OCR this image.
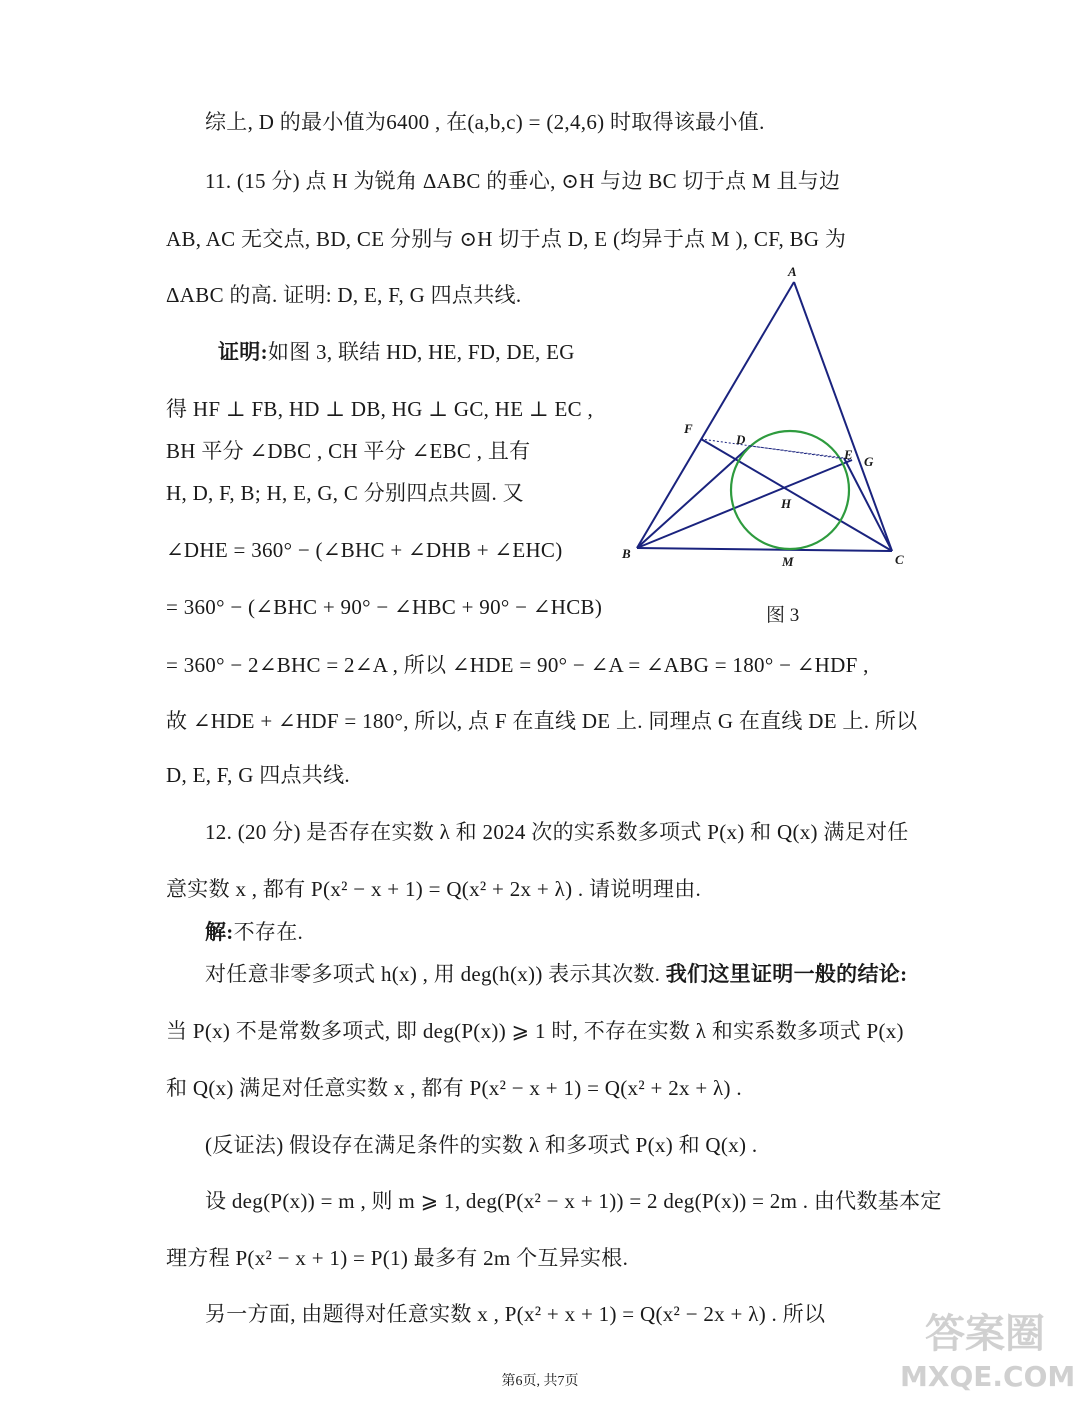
综上, D 的最小值为6400 , 在(a,b,c) = (2,4,6) 时取得该最小值.
11. (15 分) 点 H 为锐角 ΔABC 的垂心, ⊙H 与边 BC 切于点 M 且与边
AB, AC 无交点, BD, CE 分别与 ⊙H 切于点 D, E (均异于点 M ), CF, BG 为
ΔABC 的高. 证明: D, E, F, G 四点共线.
证明:如图 3, 联结 HD, HE, FD, DE, EG
得 HF ⊥ FB, HD ⊥ DB, HG ⊥ GC, HE ⊥ EC ,
BH 平分 ∠DBC , CH 平分 ∠EBC , 且有
H, D, F, B; H, E, G, C 分别四点共圆. 又
∠DHE = 360° − (∠BHC + ∠DHB + ∠EHC)
= 360° − (∠BHC + 90° − ∠HBC + 90° − ∠HCB)
= 360° − 2∠BHC = 2∠A , 所以 ∠HDE = 90° − ∠A = ∠ABG = 180° − ∠HDF ,
故 ∠HDE + ∠HDF = 180°, 所以, 点 F 在直线 DE 上. 同理点 G 在直线 DE 上. 所以
D, E, F, G 四点共线.
12. (20 分) 是否存在实数 λ 和 2024 次的实系数多项式 P(x) 和 Q(x) 满足对任
意实数 x , 都有 P(x² − x + 1) = Q(x² + 2x + λ) . 请说明理由.
解:不存在.
对任意非零多项式 h(x) , 用 deg(h(x)) 表示其次数. 我们这里证明一般的结论:
当 P(x) 不是常数多项式, 即 deg(P(x)) ⩾ 1 时, 不存在实数 λ 和实系数多项式 P(x)
和 Q(x) 满足对任意实数 x , 都有 P(x² − x + 1) = Q(x² + 2x + λ) .
(反证法) 假设存在满足条件的实数 λ 和多项式 P(x) 和 Q(x) .
设 deg(P(x)) = m , 则 m ⩾ 1, deg(P(x² − x + 1)) = 2 deg(P(x)) = 2m . 由代数基本定
理方程 P(x² − x + 1) = P(1) 最多有 2m 个互异实根.
另一方面, 由题得对任意实数 x , P(x² + x + 1) = Q(x² − 2x + λ) . 所以
A
B	C
F
D
E G
H
M
图 3
第6页, 共7页
答案圈
MXQE.COM
